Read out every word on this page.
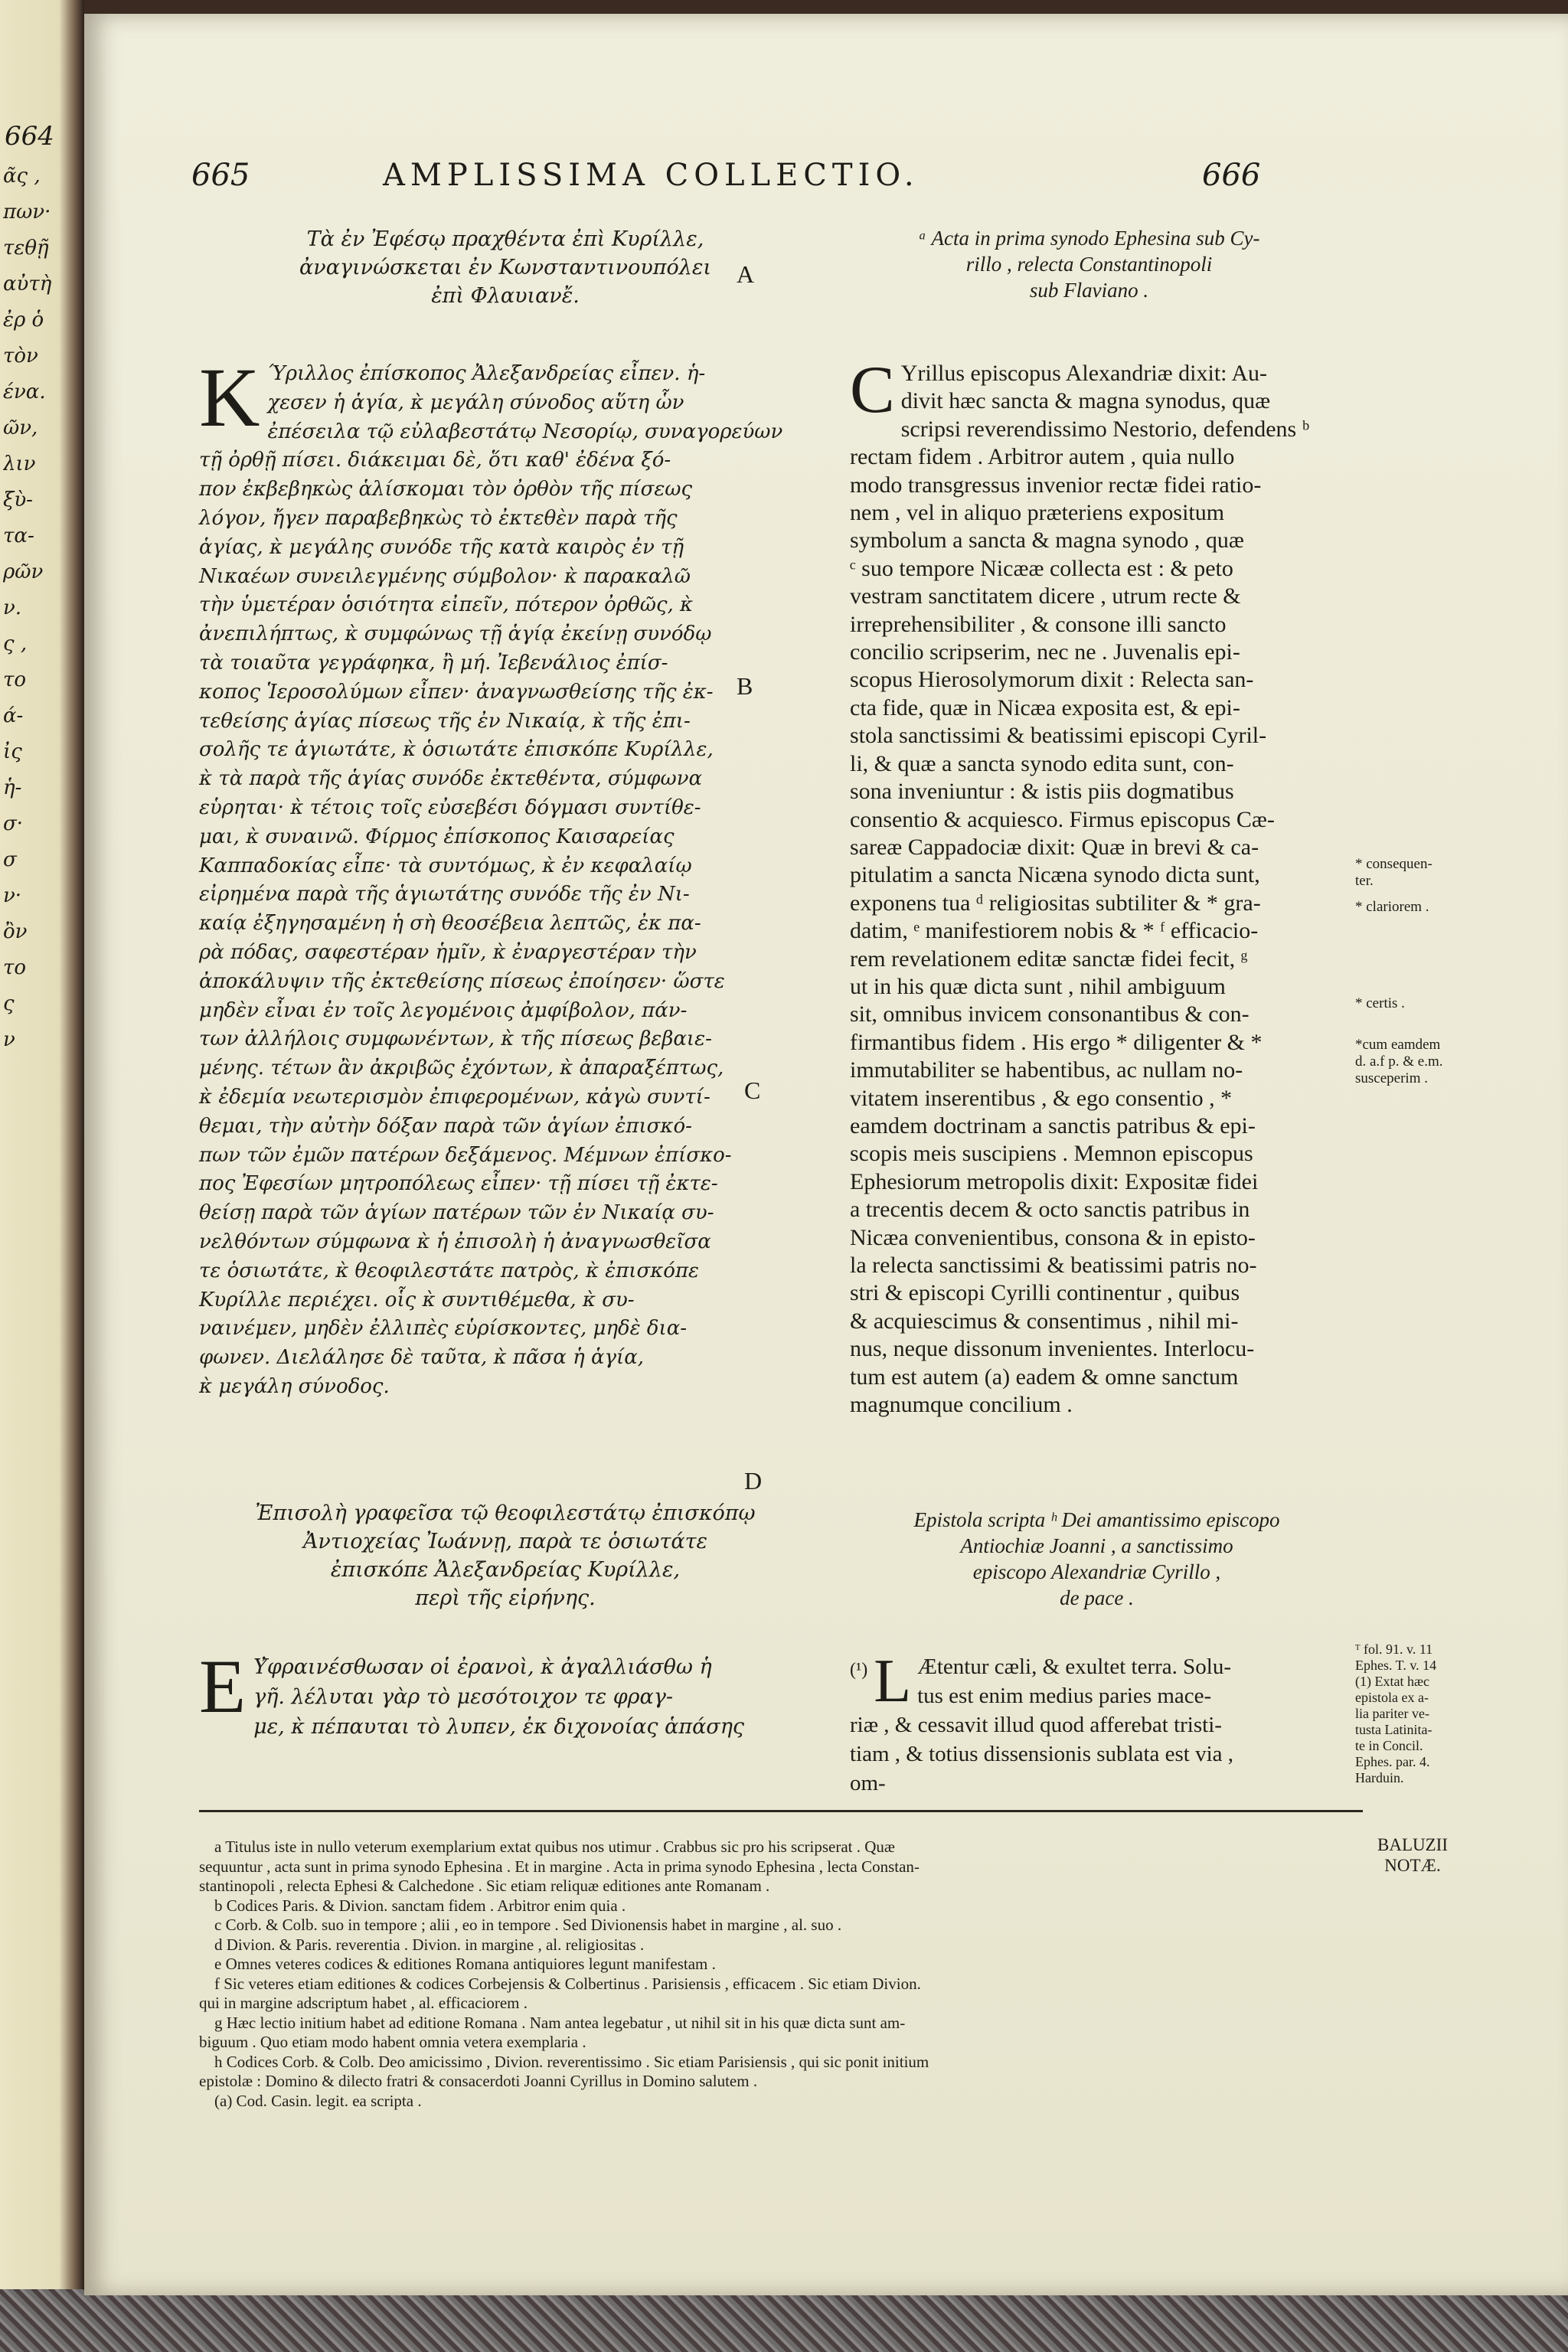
664
ᾶς ,
πων·
τεθῇ
αὐτὴ
ἐρ ὁ
τὸν
ένα.
ῶν,
λιν
ξὺ-
τα-
ρῶν
ν.
ς ,
το
ά-
ἰς
ἡ-
σ·
σ
ν·
ὂν
το
ς
ν
665	AMPLISSIMA COLLECTIO.	666
Τὰ ἐν Ἐφέσῳ πραχθέντα ἐπὶ Κυρίλλε,
ἀναγινώσκεται ἐν Κωνσταντινουπόλει
ἐπὶ Φλαυιανἔ.
ᵃ Acta in prima synodo Ephesina sub Cy-
rillo , relecta Constantinopoli
sub Flaviano .
A
Κ Ύριλλος ἐπίσκοπος Ἀλεξανδρείας εἶπεν. ἡ-
χεσεν ἡ ἁγία, κ̀ μεγάλη σύνοδος αὕτη ὧν
ἐπέσειλα τῷ εὐλαβεστάτῳ Νεσορίῳ, συναγορεύων
τῇ ὀρθῇ πίσει. διάκειμαι δὲ, ὅτι καθ' ἐδένα ξό-
πον ἐκβεβηκὼς ἁλίσκομαι τὸν ὀρθὸν τῆς πίσεως
λόγον, ἤγεν παραβεβηκὼς τὸ ἐκτεθὲν παρὰ τῆς
ἁγίας, κ̀ μεγάλης συνόδε τῆς κατὰ καιρὸς ἐν τῇ
Νικαέων συνειλεγμένης σύμβολον· κ̀ παρακαλῶ
τὴν ὑμετέραν ὁσιότητα εἰπεῖν, πότερον ὀρθῶς, κ̀
ἀνεπιλήπτως, κ̀ συμφώνως τῇ ἁγίᾳ ἐκείνῃ συνόδῳ
τὰ τοιαῦτα γεγράφηκα, ἢ μή. Ἰεβενάλιος ἐπίσ-
κοπος Ἱεροσολύμων εἶπεν· ἀναγνωσθείσης τῆς ἐκ-
τεθείσης ἁγίας πίσεως τῆς ἐν Νικαίᾳ, κ̀ τῆς ἐπι-
σολῆς τε ἁγιωτάτε, κ̀ ὁσιωτάτε ἐπισκόπε Κυρίλλε,
κ̀ τὰ παρὰ τῆς ἁγίας συνόδε ἐκτεθέντα, σύμφωνα
εὑρηται· κ̀ τέτοις τοῖς εὐσεβέσι δόγμασι συντίθε-
μαι, κ̀ συναινῶ. Φίρμος ἐπίσκοπος Καισαρείας
Καππαδοκίας εἶπε· τὰ συντόμως, κ̀ ἐν κεφαλαίῳ
εἰρημένα παρὰ τῆς ἁγιωτάτης συνόδε τῆς ἐν Νι-
καίᾳ ἐξηγησαμένη ἡ σὴ θεοσέβεια λεπτῶς, ἐκ πα-
ρὰ πόδας, σαφεστέραν ἡμῖν, κ̀ ἐναργεστέραν τὴν
ἀποκάλυψιν τῆς ἐκτεθείσης πίσεως ἐποίησεν· ὥστε
μηδὲν εἶναι ἐν τοῖς λεγομένοις ἀμφίβολον, πάν-
των ἀλλήλοις συμφωνέντων, κ̀ τῆς πίσεως βεβαιε-
μένης. τέτων ἂν ἀκριβῶς ἐχόντων, κ̀ ἀπαραξέπτως,
κ̀ ἐδεμία νεωτερισμὸν ἐπιφερομένων, κἀγὼ συντί-
θεμαι, τὴν αὐτὴν δόξαν παρὰ τῶν ἁγίων ἐπισκό-
πων τῶν ἐμῶν πατέρων δεξάμενος. Μέμνων ἐπίσκο-
πος Ἐφεσίων μητροπόλεως εἶπεν· τῇ πίσει τῇ ἐκτε-
θείσῃ παρὰ τῶν ἁγίων πατέρων τῶν ἐν Νικαίᾳ συ-
νελθόντων σύμφωνα κ̀ ἡ ἐπισολὴ ἡ ἀναγνωσθεῖσα
τε ὁσιωτάτε, κ̀ θεοφιλεστάτε πατρὸς, κ̀ ἐπισκόπε
Κυρίλλε περιέχει. οἷς κ̀ συντιθέμεθα, κ̀ συ-
ναινέμεν, μηδὲν ἐλλιπὲς εὑρίσκοντες, μηδὲ δια-
φωνεν. Διελάλησε δὲ ταῦτα, κ̀ πᾶσα ἡ ἁγία,
κ̀ μεγάλη σύνοδος.
C Yrillus episcopus Alexandriæ dixit: Au-
divit hæc sancta & magna synodus, quæ
scripsi reverendissimo Nestorio, defendens ᵇ
rectam fidem . Arbitror autem , quia nullo
modo transgressus invenior rectæ fidei ratio-
nem , vel in aliquo præteriens expositum
symbolum a sancta & magna synodo , quæ
ᶜ suo tempore Nicææ collecta est : & peto
vestram sanctitatem dicere , utrum recte &
irreprehensibiliter , & consone illi sancto
concilio scripserim, nec ne . Juvenalis epi-
scopus Hierosolymorum dixit : Relecta san-
cta fide, quæ in Nicæa exposita est, & epi-
stola sanctissimi & beatissimi episcopi Cyril-
li, & quæ a sancta synodo edita sunt, con-
sona inveniuntur : & istis piis dogmatibus
consentio & acquiesco. Firmus episcopus Cæ-
sareæ Cappadociæ dixit: Quæ in brevi & ca-
pitulatim a sancta Nicæna synodo dicta sunt,
exponens tua ᵈ religiositas subtiliter & * gra-
datim, ᵉ manifestiorem nobis & * ᶠ efficacio-
rem revelationem editæ sanctæ fidei fecit, ᵍ
ut in his quæ dicta sunt , nihil ambiguum
sit, omnibus invicem consonantibus & con-
firmantibus fidem . His ergo * diligenter & *
immutabiliter se habentibus, ac nullam no-
vitatem inserentibus , & ego consentio , *
eamdem doctrinam a sanctis patribus & epi-
scopis meis suscipiens . Memnon episcopus
Ephesiorum metropolis dixit: Expositæ fidei
a trecentis decem & octo sanctis patribus in
Nicæa convenientibus, consona & in episto-
la relecta sanctissimi & beatissimi patris no-
stri & episcopi Cyrilli continentur , quibus
& acquiescimus & consentimus , nihil mi-
nus, neque dissonum invenientes. Interlocu-
tum est autem (a) eadem & omne sanctum
magnumque concilium .
B
C
D
* consequen-
ter.
* clariorem .
* certis .
*cum eamdem
d. a.f p. & e.m.
susceperim .
ᵀ fol. 91. v. 11
Ephes. T. v. 14
(1) Extat hæc
epistola ex a-
lia pariter ve-
tusta Latinita-
te in Concil.
Ephes. par. 4.
Harduin.
Ἐπισολὴ γραφεῖσα τῷ θεοφιλεστάτῳ ἐπισκόπῳ
Ἀντιοχείας Ἰωάννῃ, παρὰ τε ὁσιωτάτε
ἐπισκόπε Ἀλεξανδρείας Κυρίλλε,
περὶ τῆς εἰρήνης.
Epistola scripta ʰ Dei amantissimo episcopo
Antiochiæ Joanni , a sanctissimo
episcopo Alexandriæ Cyrillo ,
de pace .
Ε Υ̓φραινέσθωσαν οἱ ἐρανοὶ, κ̀ ἀγαλλιάσθω ἡ
γῆ. λέλυται γὰρ τὸ μεσότοιχον τε φραγ-
με, κ̀ πέπαυται τὸ λυπεν, ἐκ διχονοίας ἁπάσης
(¹) L Ætentur cæli, & exultet terra. Solu-
tus est enim medius paries mace-
riæ , & cessavit illud quod afferebat tristi-
tiam , & totius dissensionis sublata est via ,
om-
BALUZII
NOTÆ.
a Titulus iste in nullo veterum exemplarium extat quibus nos utimur . Crabbus sic pro his scripserat . Quæ
sequuntur , acta sunt in prima synodo Ephesina . Et in margine . Acta in prima synodo Ephesina , lecta Constan-
stantinopoli , relecta Ephesi & Calchedone . Sic etiam reliquæ editiones ante Romanam .
b Codices Paris. & Divion. sanctam fidem . Arbitror enim quia .
c Corb. & Colb. suo in tempore ; alii , eo in tempore . Sed Divionensis habet in margine , al. suo .
d Divion. & Paris. reverentia . Divion. in margine , al. religiositas .
e Omnes veteres codices & editiones Romana antiquiores legunt manifestam .
f Sic veteres etiam editiones & codices Corbejensis & Colbertinus . Parisiensis , efficacem . Sic etiam Divion.
qui in margine adscriptum habet , al. efficaciorem .
g Hæc lectio initium habet ad editione Romana . Nam antea legebatur , ut nihil sit in his quæ dicta sunt am-
biguum . Quo etiam modo habent omnia vetera exemplaria .
h Codices Corb. & Colb. Deo amicissimo , Divion. reverentissimo . Sic etiam Parisiensis , qui sic ponit initium
epistolæ : Domino & dilecto fratri & consacerdoti Joanni Cyrillus in Domino salutem .
(a) Cod. Casin. legit. ea scripta .
